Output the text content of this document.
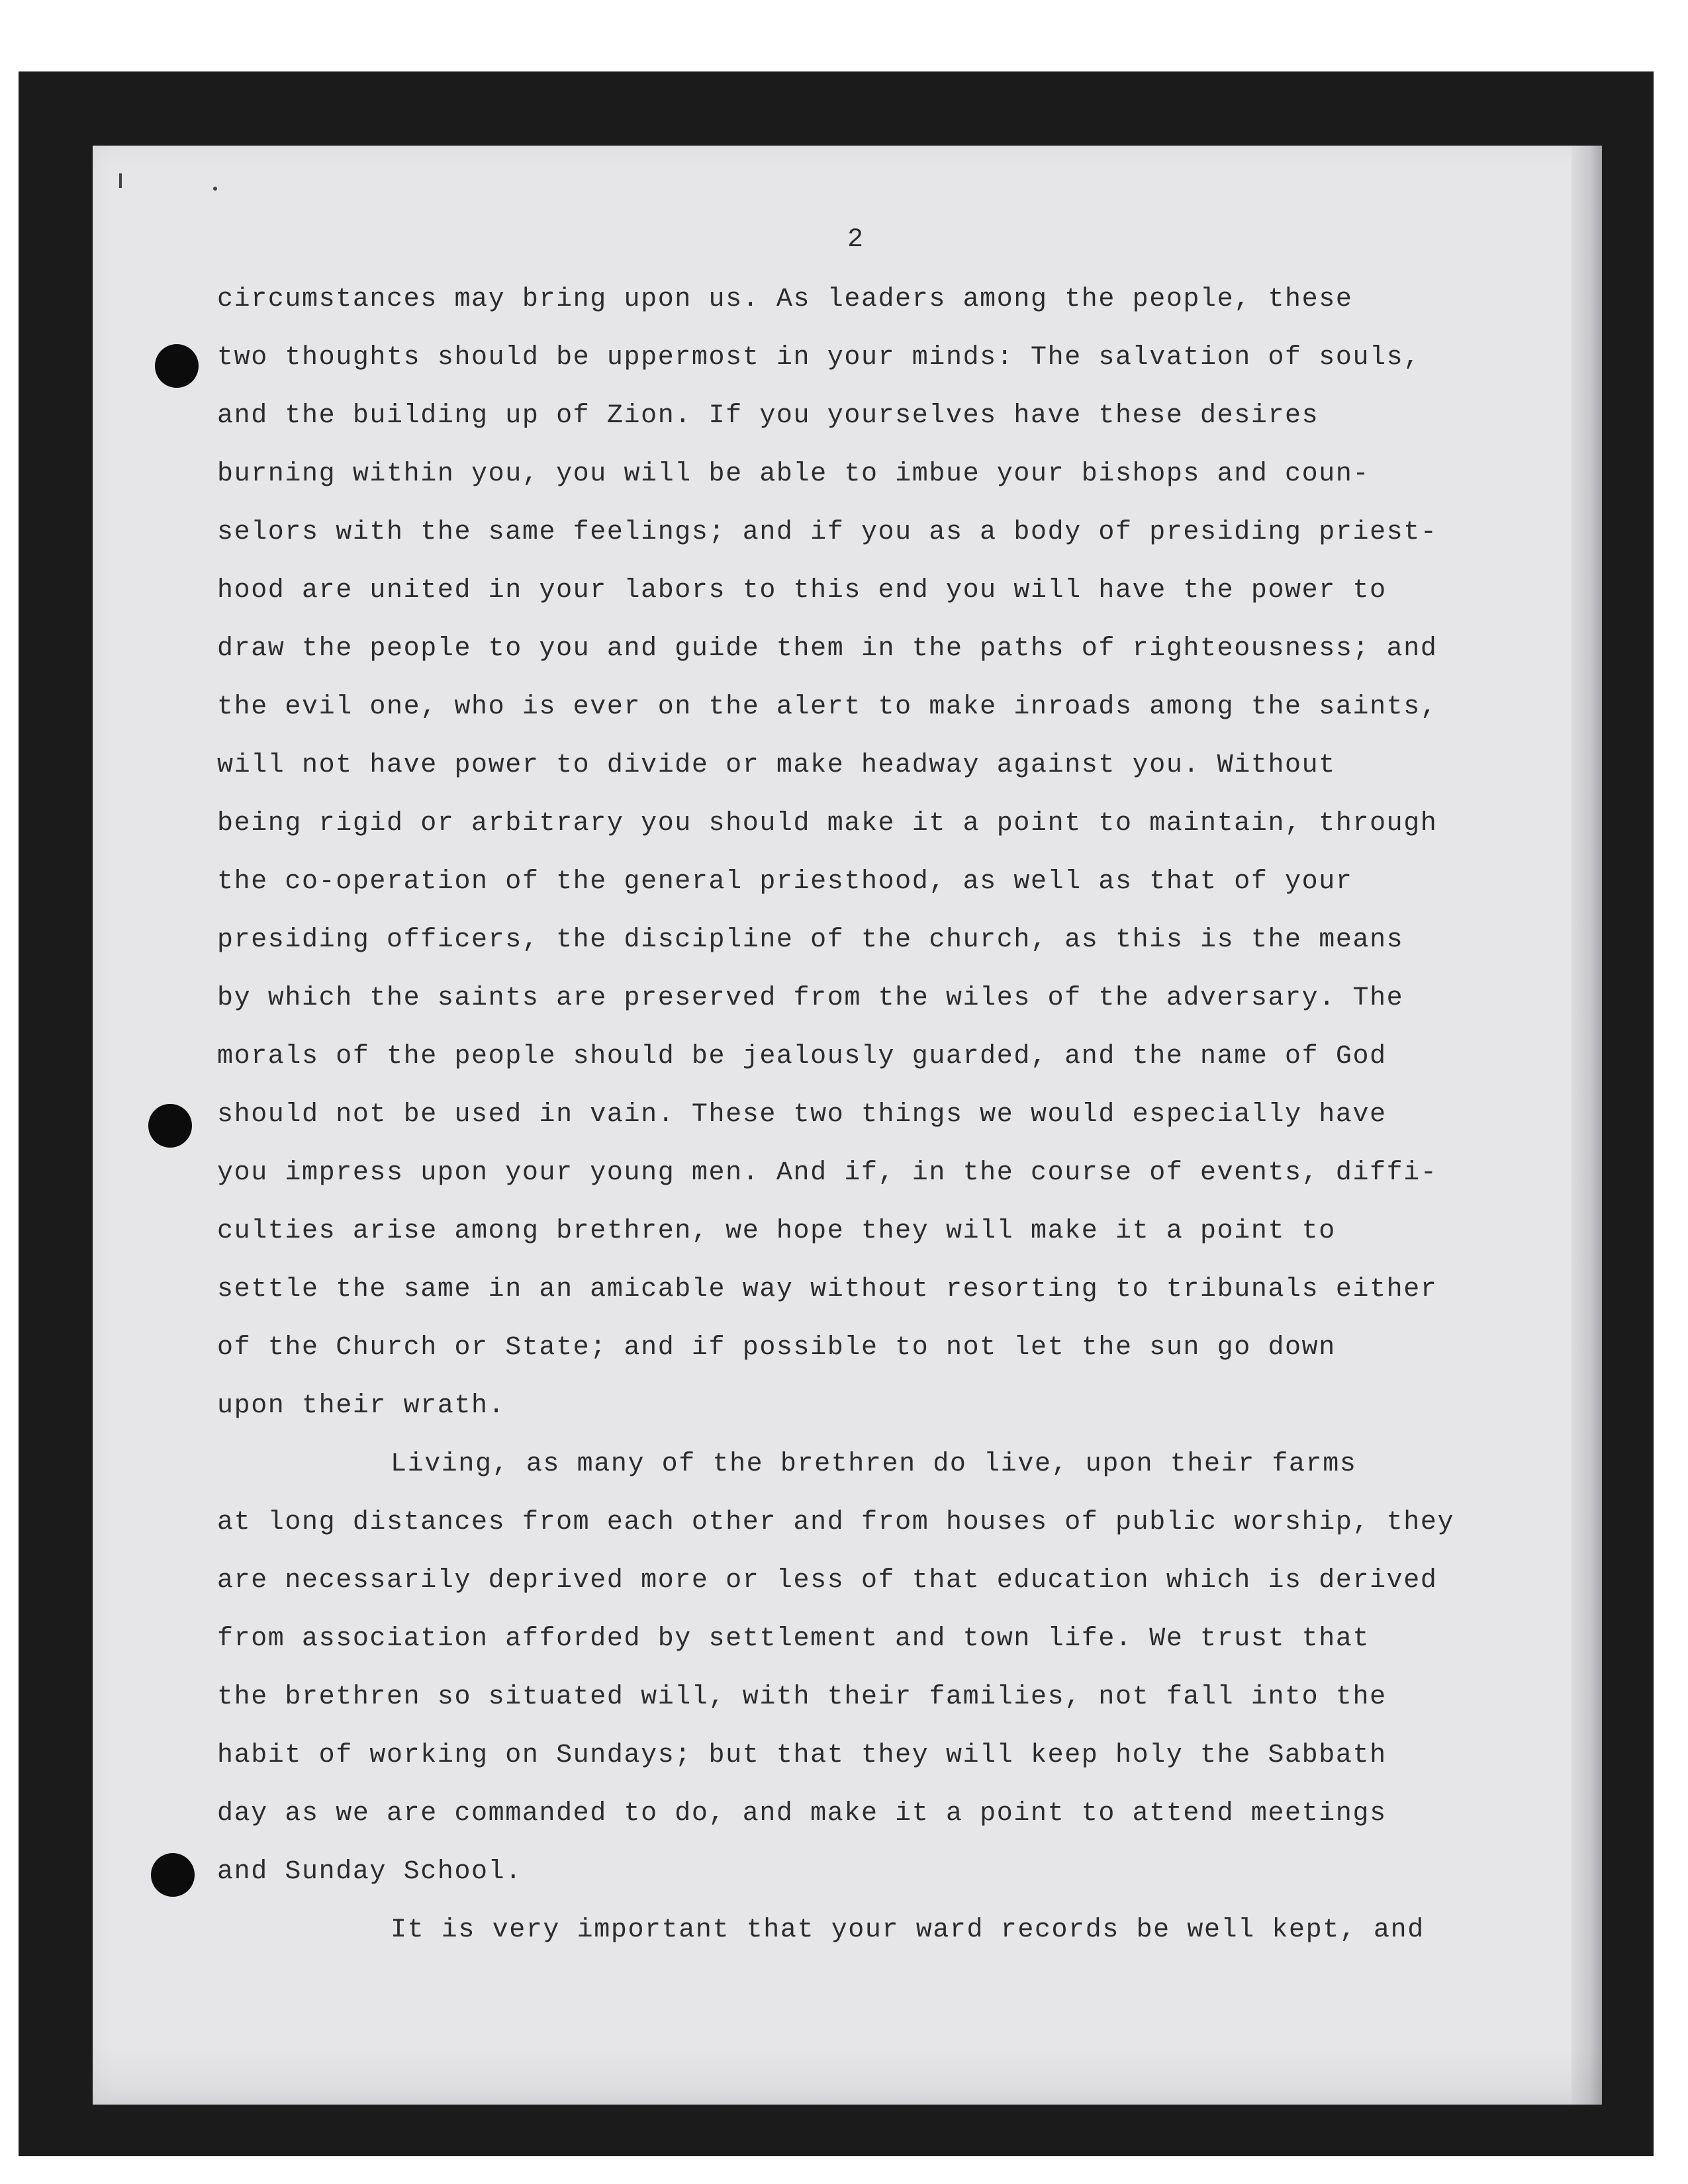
2
circumstances may bring upon us. As leaders among the people, these
two thoughts should be uppermost in your minds: The salvation of souls,
and the building up of Zion. If you yourselves have these desires
burning within you, you will be able to imbue your bishops and coun-
selors with the same feelings; and if you as a body of presiding priest-
hood are united in your labors to this end you will have the power to
draw the people to you and guide them in the paths of righteousness; and
the evil one, who is ever on the alert to make inroads among the saints,
will not have power to divide or make headway against you. Without
being rigid or arbitrary you should make it a point to maintain, through
the co-operation of the general priesthood, as well as that of your
presiding officers, the discipline of the church, as this is the means
by which the saints are preserved from the wiles of the adversary. The
morals of the people should be jealously guarded, and the name of God
should not be used in vain. These two things we would especially have
you impress upon your young men. And if, in the course of events, diffi-
culties arise among brethren, we hope they will make it a point to
settle the same in an amicable way without resorting to tribunals either
of the Church or State; and if possible to not let the sun go down
upon their wrath.
Living, as many of the brethren do live, upon their farms
at long distances from each other and from houses of public worship, they
are necessarily deprived more or less of that education which is derived
from association afforded by settlement and town life. We trust that
the brethren so situated will, with their families, not fall into the
habit of working on Sundays; but that they will keep holy the Sabbath
day as we are commanded to do, and make it a point to attend meetings
and Sunday School.
It is very important that your ward records be well kept, and
